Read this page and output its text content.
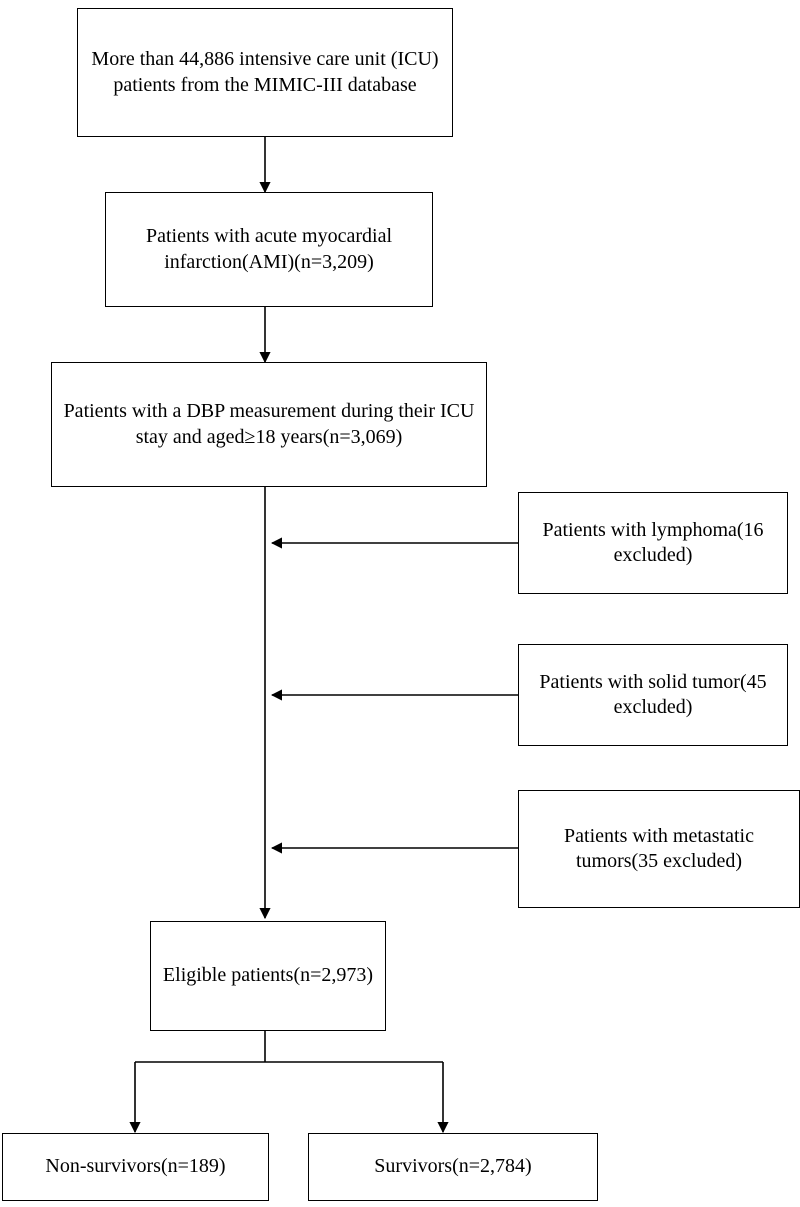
More than 44,886 intensive care unit (ICU) patients from the MIMIC-III database
Patients with acute myocardial infarction(AMI)(n=3,209)
Patients with a DBP measurement during their ICU stay and aged≥18 years(n=3,069)
Patients with lymphoma(16 excluded)
Patients with solid tumor(45 excluded)
Patients with metastatic tumors(35 excluded)
Eligible patients(n=2,973)
Non-survivors(n=189)	Survivors(n=2,784)
